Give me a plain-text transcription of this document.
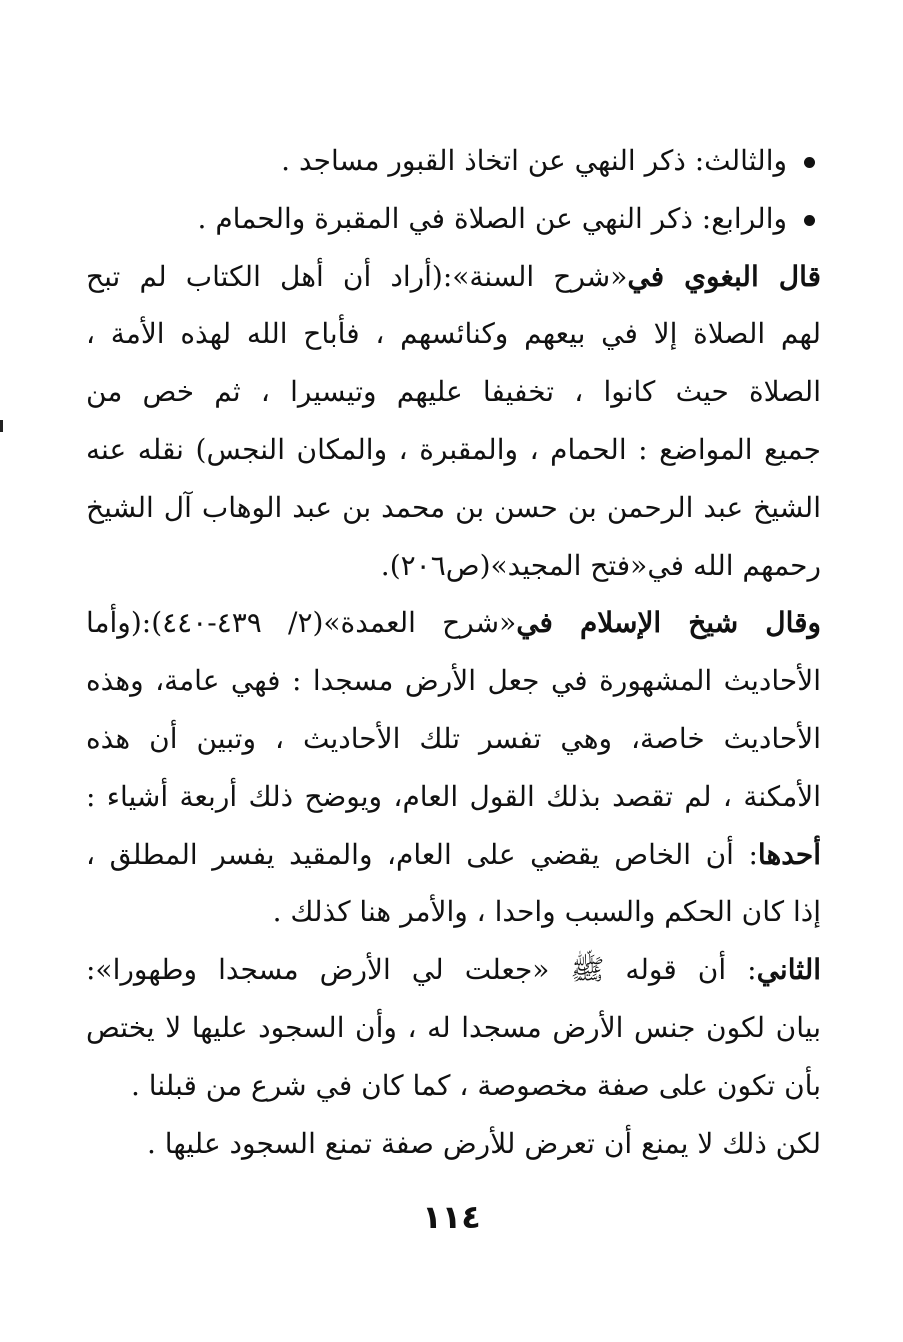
والثالث: ذكر النهي عن اتخاذ القبور مساجد .
والرابع: ذكر النهي عن الصلاة في المقبرة والحمام .
قال البغوي في«شرح السنة»:(أراد أن أهل الكتاب لم تبح
لهم الصلاة إلا في بيعهم وكنائسهم ، فأباح الله لهذه الأمة ،
الصلاة حيث كانوا ، تخفيفا عليهم وتيسيرا ، ثم خص من
جميع المواضع : الحمام ، والمقبرة ، والمكان النجس) نقله عنه
الشيخ عبد الرحمن بن حسن بن محمد بن عبد الوهاب آل الشيخ
رحمهم الله في«فتح المجيد»(ص٢٠٦).
وقال شيخ الإسلام في«شرح العمدة»(٢/ ٤٣٩-٤٤٠):(وأما
الأحاديث المشهورة في جعل الأرض مسجدا : فهي عامة، وهذه
الأحاديث خاصة، وهي تفسر تلك الأحاديث ، وتبين أن هذه
الأمكنة ، لم تقصد بذلك القول العام، ويوضح ذلك أربعة أشياء :
أحدها: أن الخاص يقضي على العام، والمقيد يفسر المطلق ،
إذا كان الحكم والسبب واحدا ، والأمر هنا كذلك .
الثاني: أن قوله ﷺ «جعلت لي الأرض مسجدا وطهورا»:
بيان لكون جنس الأرض مسجدا له ، وأن السجود عليها لا يختص
بأن تكون على صفة مخصوصة ، كما كان في شرع من قبلنا .
لكن ذلك لا يمنع أن تعرض للأرض صفة تمنع السجود عليها .
١١٤
